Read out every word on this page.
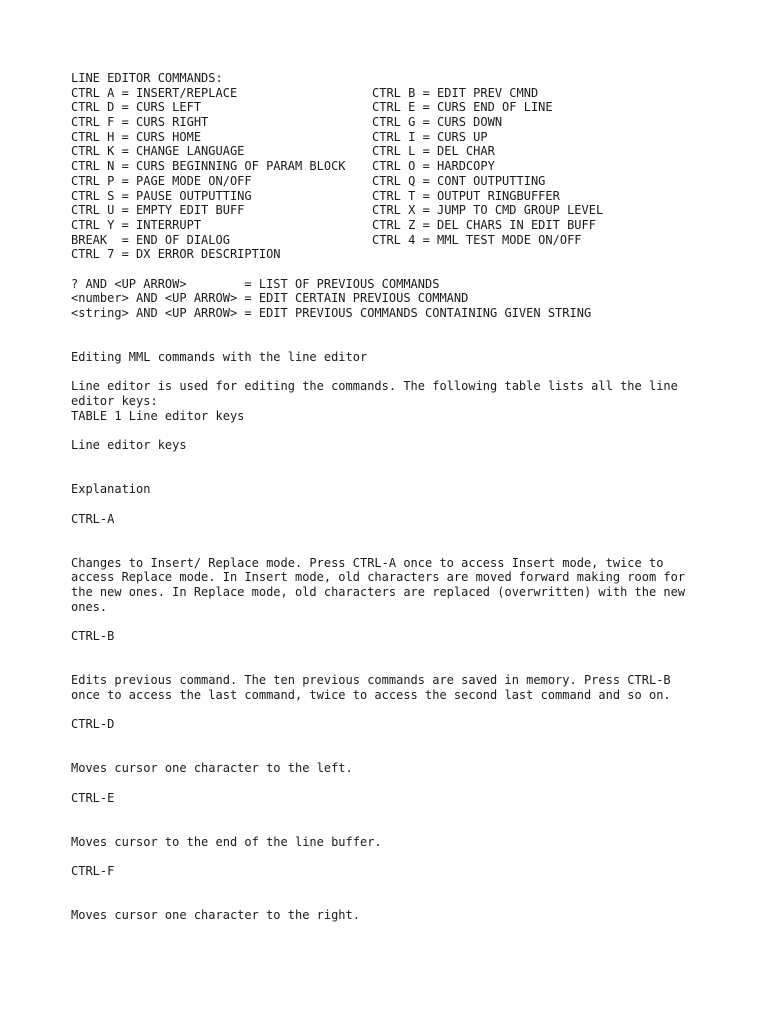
LINE EDITOR COMMANDS:
CTRL A = INSERT/REPLACE	CTRL B = EDIT PREV CMND
CTRL D = CURS LEFT	CTRL E = CURS END OF LINE
CTRL F = CURS RIGHT	CTRL G = CURS DOWN
CTRL H = CURS HOME	CTRL I = CURS UP
CTRL K = CHANGE LANGUAGE	CTRL L = DEL CHAR
CTRL N = CURS BEGINNING OF PARAM BLOCK	CTRL O = HARDCOPY
CTRL P = PAGE MODE ON/OFF	CTRL Q = CONT OUTPUTTING
CTRL S = PAUSE OUTPUTTING	CTRL T = OUTPUT RINGBUFFER
CTRL U = EMPTY EDIT BUFF	CTRL X = JUMP TO CMD GROUP LEVEL
CTRL Y = INTERRUPT	CTRL Z = DEL CHARS IN EDIT BUFF
BREAK  = END OF DIALOG	CTRL 4 = MML TEST MODE ON/OFF
CTRL 7 = DX ERROR DESCRIPTION
? AND <UP ARROW>        = LIST OF PREVIOUS COMMANDS
<number> AND <UP ARROW> = EDIT CERTAIN PREVIOUS COMMAND
<string> AND <UP ARROW> = EDIT PREVIOUS COMMANDS CONTAINING GIVEN STRING
Editing MML commands with the line editor
Line editor is used for editing the commands. The following table lists all the line editor keys:
TABLE 1 Line editor keys
Line editor keys
Explanation
CTRL-A
Changes to Insert/ Replace mode. Press CTRL-A once to access Insert mode, twice to access Replace mode. In Insert mode, old characters are moved forward making room for the new ones. In Replace mode, old characters are replaced (overwritten) with the new ones.
CTRL-B
Edits previous command. The ten previous commands are saved in memory. Press CTRL-B once to access the last command, twice to access the second last command and so on.
CTRL-D
Moves cursor one character to the left.
CTRL-E
Moves cursor to the end of the line buffer.
CTRL-F
Moves cursor one character to the right.
